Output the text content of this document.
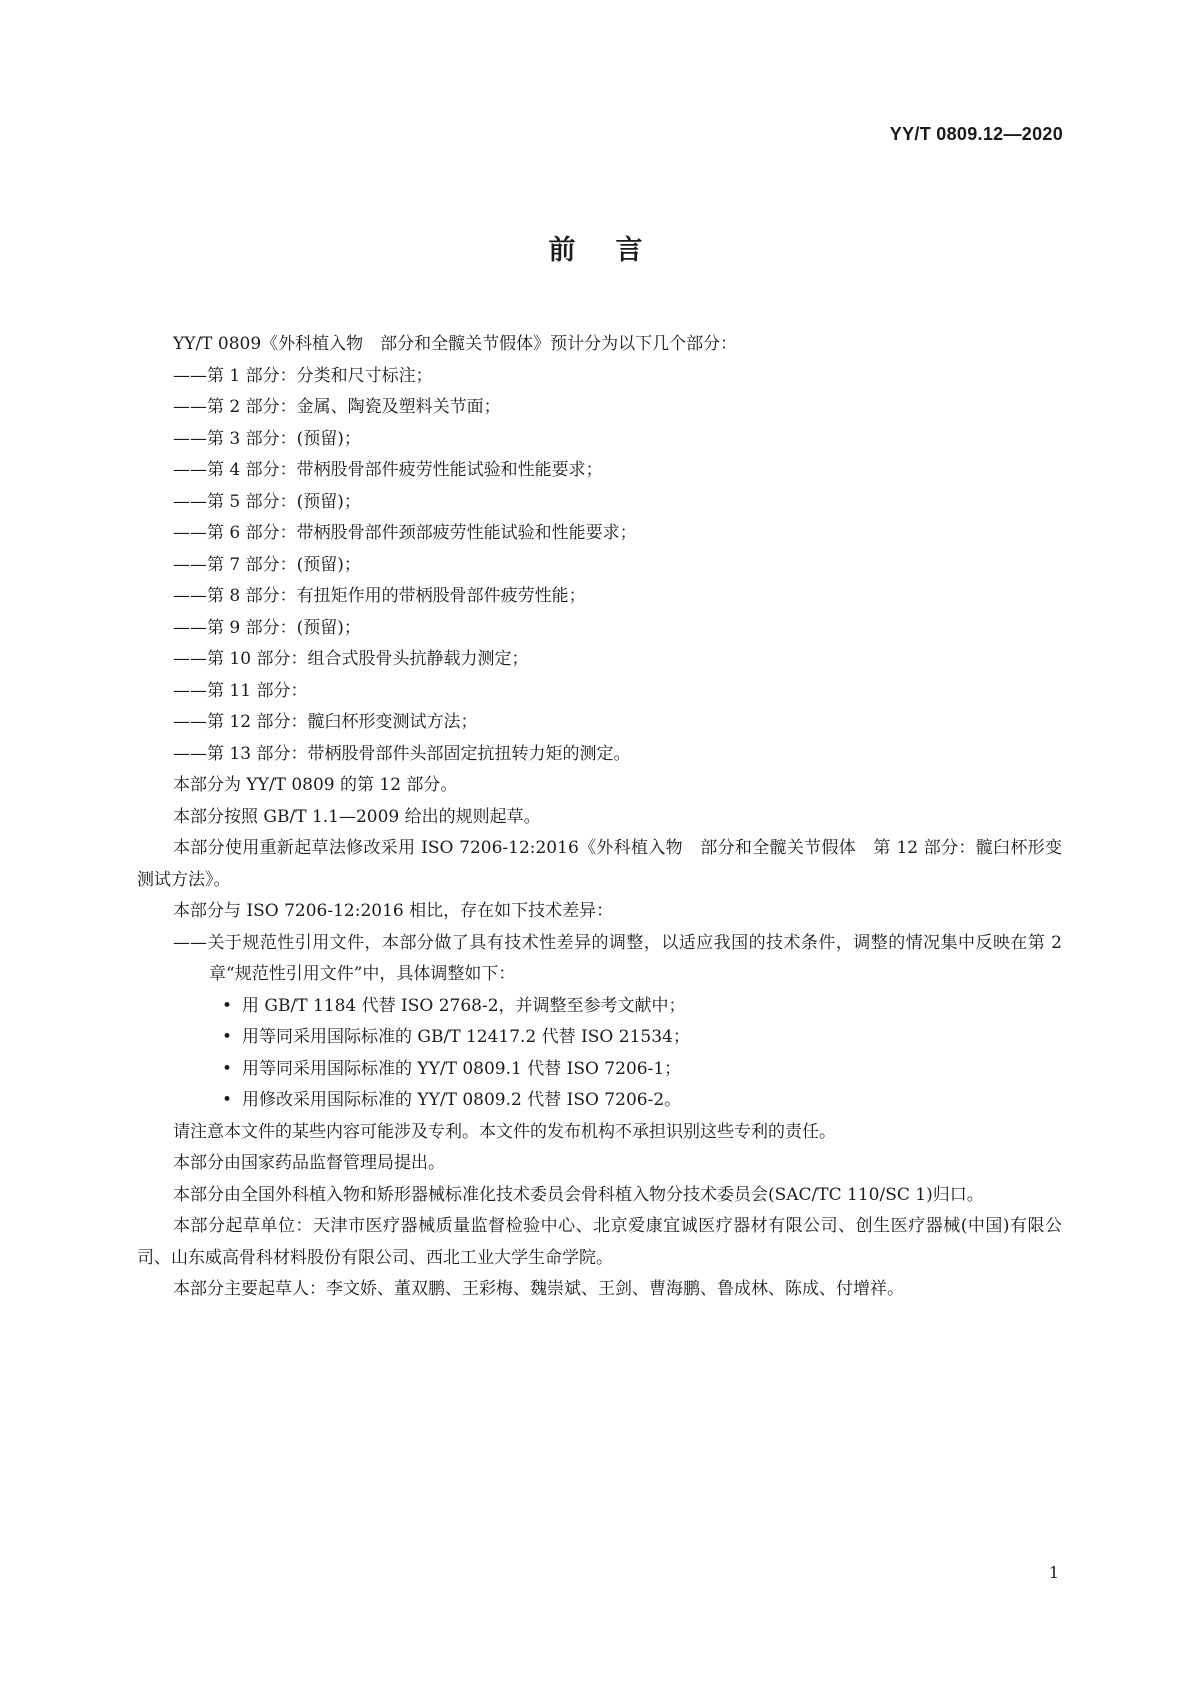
YY/T 0809.12—2020
前言

YY/T 0809《外科植入物　部分和全髋关节假体》预计分为以下几个部分：

——第 1 部分：分类和尺寸标注；

——第 2 部分：金属、陶瓷及塑料关节面；

——第 3 部分：(预留)；

——第 4 部分：带柄股骨部件疲劳性能试验和性能要求；

——第 5 部分：(预留)；

——第 6 部分：带柄股骨部件颈部疲劳性能试验和性能要求；

——第 7 部分：(预留)；

——第 8 部分：有扭矩作用的带柄股骨部件疲劳性能；

——第 9 部分：(预留)；

——第 10 部分：组合式股骨头抗静载力测定；

——第 11 部分：

——第 12 部分：髋臼杯形变测试方法；

——第 13 部分：带柄股骨部件头部固定抗扭转力矩的测定。

本部分为 YY/T 0809 的第 12 部分。

本部分按照 GB/T 1.1—2009 给出的规则起草。

本部分使用重新起草法修改采用 ISO 7206-12:2016《外科植入物　部分和全髋关节假体　第 12 部分：髋臼杯形变测试方法》。

本部分与 ISO 7206-12:2016 相比，存在如下技术差异：

——关于规范性引用文件，本部分做了具有技术性差异的调整，以适应我国的技术条件，调整的情况集中反映在第 2 章“规范性引用文件”中，具体调整如下：

• 用 GB/T 1184 代替 ISO 2768-2，并调整至参考文献中；

• 用等同采用国际标准的 GB/T 12417.2 代替 ISO 21534；

• 用等同采用国际标准的 YY/T 0809.1 代替 ISO 7206-1；

• 用修改采用国际标准的 YY/T 0809.2 代替 ISO 7206-2。

请注意本文件的某些内容可能涉及专利。本文件的发布机构不承担识别这些专利的责任。

本部分由国家药品监督管理局提出。

本部分由全国外科植入物和矫形器械标准化技术委员会骨科植入物分技术委员会(SAC/TC 110/SC 1)归口。

本部分起草单位：天津市医疗器械质量监督检验中心、北京爱康宜诚医疗器材有限公司、创生医疗器械(中国)有限公司、山东威高骨科材料股份有限公司、西北工业大学生命学院。

本部分主要起草人：李文娇、董双鹏、王彩梅、魏崇斌、王剑、曹海鹏、鲁成林、陈成、付增祥。

1
